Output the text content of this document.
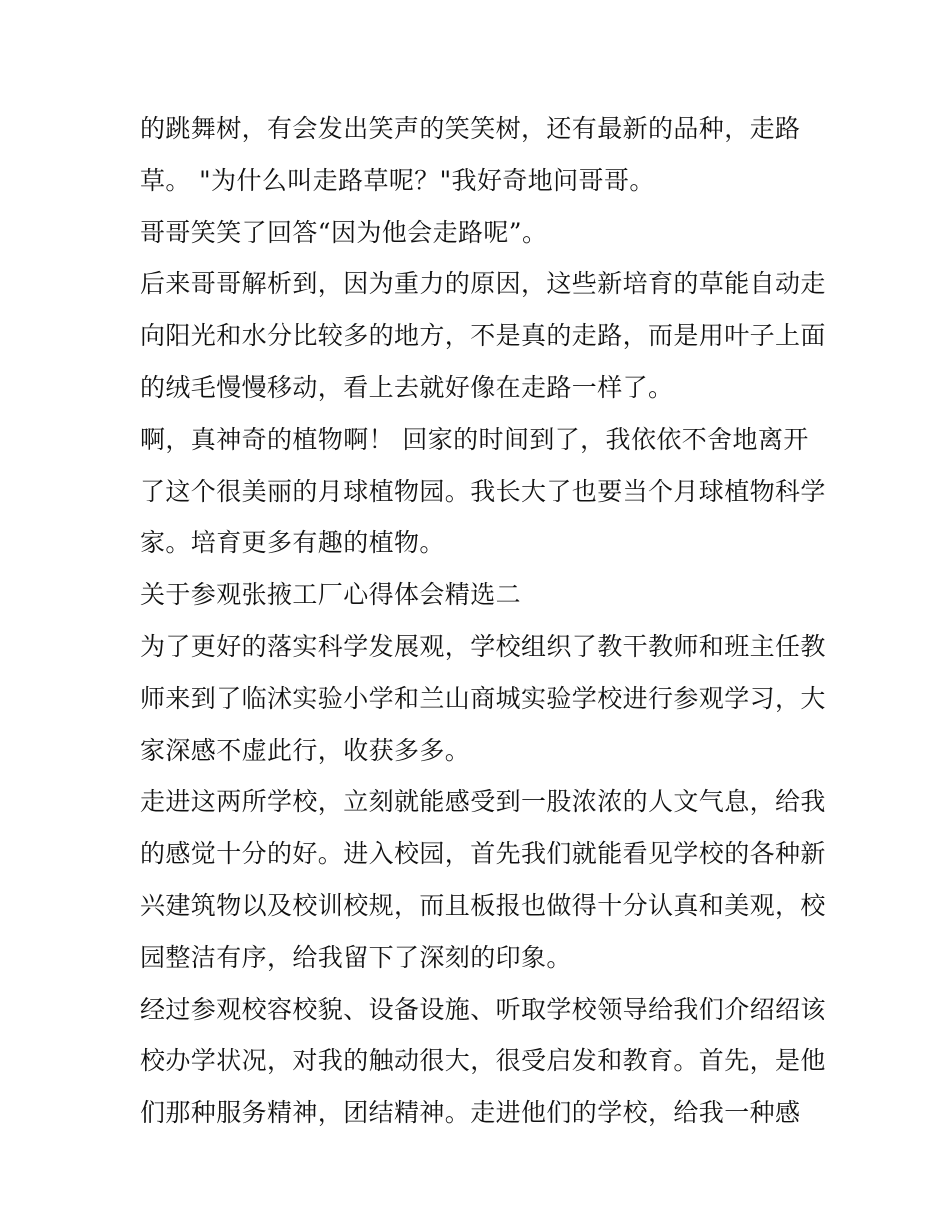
的跳舞树，有会发出笑声的笑笑树，还有最新的品种，走路
草。 "为什么叫走路草呢？"我好奇地问哥哥。

哥哥笑笑了回答“因为他会走路呢”。

后来哥哥解析到，因为重力的原因，这些新培育的草能自动走
向阳光和水分比较多的地方，不是真的走路，而是用叶子上面
的绒毛慢慢移动，看上去就好像在走路一样了。

啊，真神奇的植物啊！ 回家的时间到了，我依依不舍地离开
了这个很美丽的月球植物园。我长大了也要当个月球植物科学
家。培育更多有趣的植物。

关于参观张掖工厂心得体会精选二

为了更好的落实科学发展观，学校组织了教干教师和班主任教
师来到了临沭实验小学和兰山商城实验学校进行参观学习，大
家深感不虚此行，收获多多。

走进这两所学校，立刻就能感受到一股浓浓的人文气息，给我
的感觉十分的好。进入校园，首先我们就能看见学校的各种新
兴建筑物以及校训校规，而且板报也做得十分认真和美观，校
园整洁有序，给我留下了深刻的印象。

经过参观校容校貌、设备设施、听取学校领导给我们介绍绍该
校办学状况，对我的触动很大，很受启发和教育。首先，是他
们那种服务精神，团结精神。走进他们的学校，给我一种感
